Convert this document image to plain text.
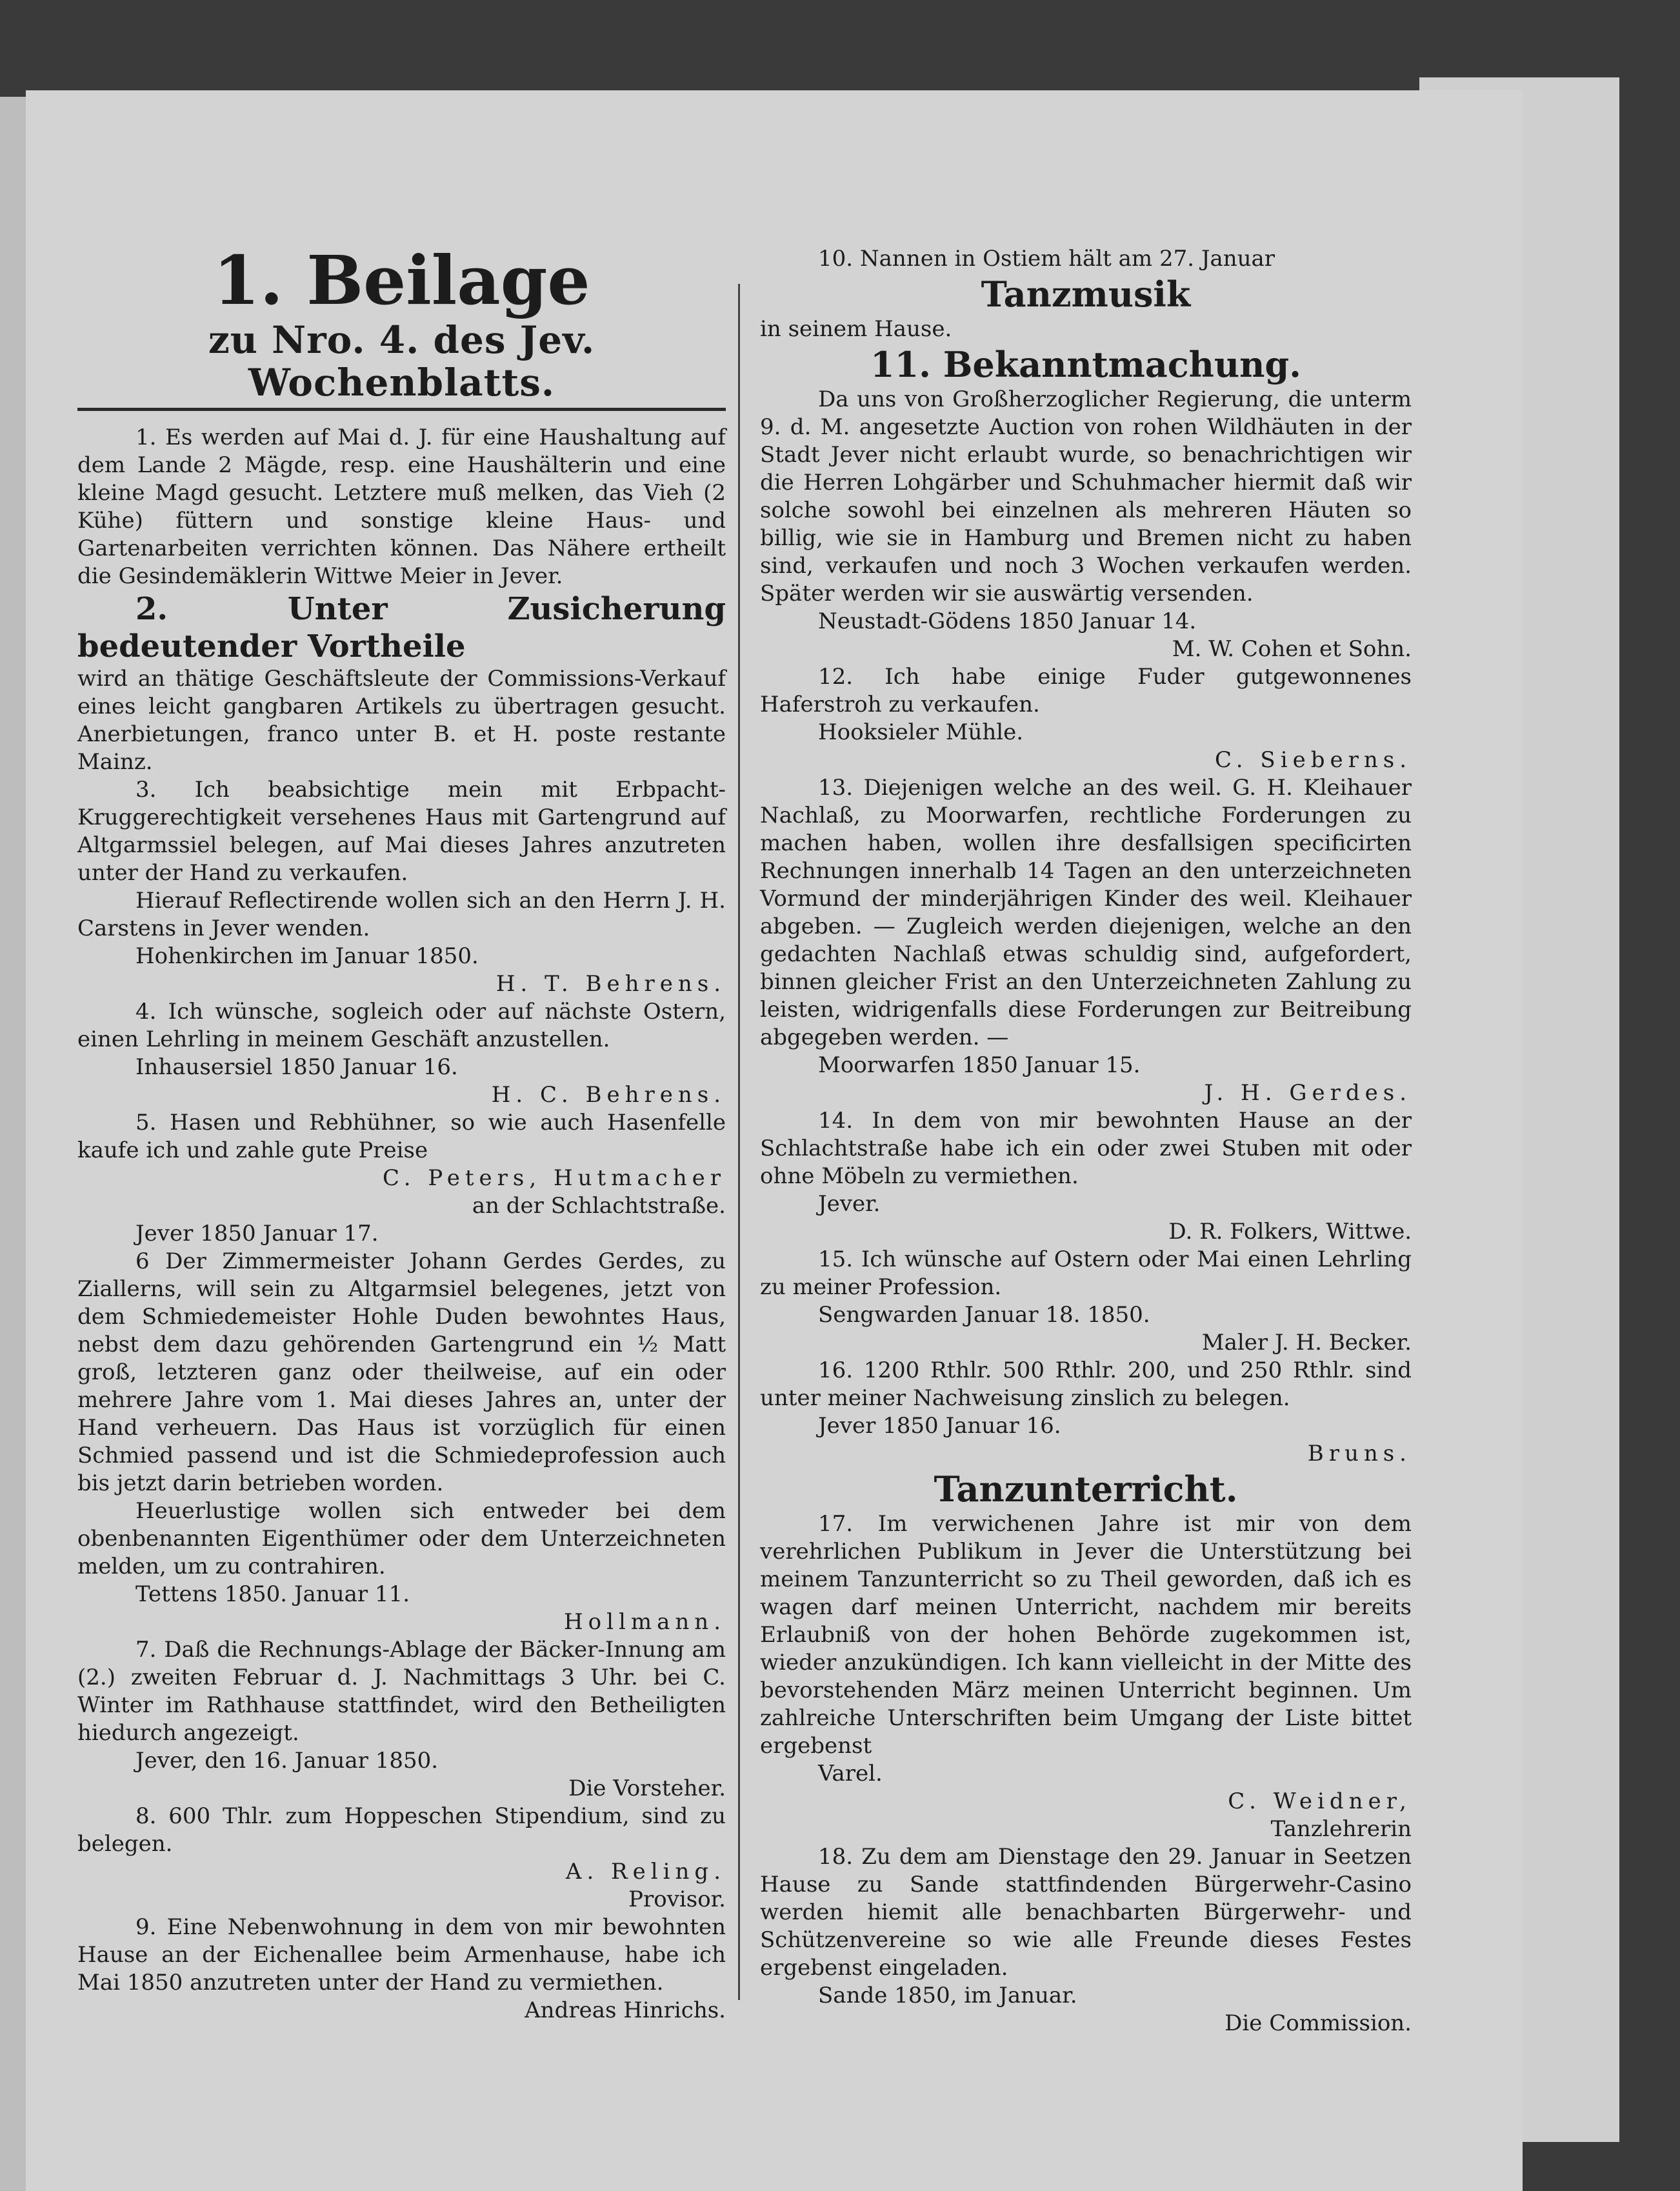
1. Beilage
zu Nro. 4. des Jev. Wochenblatts.

1. Es werden auf Mai d. J. für eine Haushaltung auf dem Lande 2 Mägde, resp. eine Haushälterin und eine kleine Magd gesucht. Letztere muß melken, das Vieh (2 Kühe) füttern und sonstige kleine Haus- und Gartenarbeiten verrichten können. Das Nähere ertheilt die Gesindemäklerin Wittwe Meier in Jever.

2. Unter Zusicherung bedeutender Vortheile

wird an thätige Geschäftsleute der Commissions-Verkauf eines leicht gangbaren Artikels zu übertragen gesucht. Anerbietungen, franco unter B. et H. poste restante Mainz.

3. Ich beabsichtige mein mit Erbpacht-Kruggerechtigkeit versehenes Haus mit Gartengrund auf Altgarmssiel belegen, auf Mai dieses Jahres anzutreten unter der Hand zu verkaufen.

Hierauf Reflectirende wollen sich an den Herrn J. H. Carstens in Jever wenden.

Hohenkirchen im Januar 1850.

H. T. Behrens.

4. Ich wünsche, sogleich oder auf nächste Ostern, einen Lehrling in meinem Geschäft anzustellen.

Inhausersiel 1850 Januar 16.

H. C. Behrens.

5. Hasen und Rebhühner, so wie auch Hasenfelle kaufe ich und zahle gute Preise

C. Peters, Hutmacher

an der Schlachtstraße.

Jever 1850 Januar 17.

6 Der Zimmermeister Johann Gerdes Gerdes, zu Ziallerns, will sein zu Altgarmsiel belegenes, jetzt von dem Schmiedemeister Hohle Duden bewohntes Haus, nebst dem dazu gehörenden Gartengrund ein ½ Matt groß, letzteren ganz oder theilweise, auf ein oder mehrere Jahre vom 1. Mai dieses Jahres an, unter der Hand verheuern. Das Haus ist vorzüglich für einen Schmied passend und ist die Schmiedeprofession auch bis jetzt darin betrieben worden.

Heuerlustige wollen sich entweder bei dem obenbenannten Eigenthümer oder dem Unterzeichneten melden, um zu contrahiren.

Tettens 1850. Januar 11.

Hollmann.

7. Daß die Rechnungs-Ablage der Bäcker-Innung am (2.) zweiten Februar d. J. Nachmittags 3 Uhr. bei C. Winter im Rathhause stattfindet, wird den Betheiligten hiedurch angezeigt.

Jever, den 16. Januar 1850.

Die Vorsteher.

8. 600 Thlr. zum Hoppeschen Stipendium, sind zu belegen.

A. Reling.

Provisor.

9. Eine Nebenwohnung in dem von mir bewohnten Hause an der Eichenallee beim Armenhause, habe ich Mai 1850 anzutreten unter der Hand zu vermiethen.

Andreas Hinrichs.

10. Nannen in Ostiem hält am 27. Januar

Tanzmusik

in seinem Hause.

11. Bekanntmachung.

Da uns von Großherzoglicher Regierung, die unterm 9. d. M. angesetzte Auction von rohen Wildhäuten in der Stadt Jever nicht erlaubt wurde, so benachrichtigen wir die Herren Lohgärber und Schuhmacher hiermit daß wir solche sowohl bei einzelnen als mehreren Häuten so billig, wie sie in Hamburg und Bremen nicht zu haben sind, verkaufen und noch 3 Wochen verkaufen werden. Später werden wir sie auswärtig versenden.

Neustadt-Gödens 1850 Januar 14.

M. W. Cohen et Sohn.

12. Ich habe einige Fuder gutgewonnenes Haferstroh zu verkaufen.

Hooksieler Mühle.

C. Sieberns.

13. Diejenigen welche an des weil. G. H. Kleihauer Nachlaß, zu Moorwarfen, rechtliche Forderungen zu machen haben, wollen ihre desfallsigen specificirten Rechnungen innerhalb 14 Tagen an den unterzeichneten Vormund der minderjährigen Kinder des weil. Kleihauer abgeben. — Zugleich werden diejenigen, welche an den gedachten Nachlaß etwas schuldig sind, aufgefordert, binnen gleicher Frist an den Unterzeichneten Zahlung zu leisten, widrigenfalls diese Forderungen zur Beitreibung abgegeben werden. —

Moorwarfen 1850 Januar 15.

J. H. Gerdes.

14. In dem von mir bewohnten Hause an der Schlachtstraße habe ich ein oder zwei Stuben mit oder ohne Möbeln zu vermiethen.

Jever.

D. R. Folkers, Wittwe.

15. Ich wünsche auf Ostern oder Mai einen Lehrling zu meiner Profession.

Sengwarden Januar 18. 1850.

Maler J. H. Becker.

16. 1200 Rthlr. 500 Rthlr. 200, und 250 Rthlr. sind unter meiner Nachweisung zinslich zu belegen.

Jever 1850 Januar 16.

Bruns.

Tanzunterricht.

17. Im verwichenen Jahre ist mir von dem verehrlichen Publikum in Jever die Unterstützung bei meinem Tanzunterricht so zu Theil geworden, daß ich es wagen darf meinen Unterricht, nachdem mir bereits Erlaubniß von der hohen Behörde zugekommen ist, wieder anzukündigen. Ich kann vielleicht in der Mitte des bevorstehenden März meinen Unterricht beginnen. Um zahlreiche Unterschriften beim Umgang der Liste bittet ergebenst

Varel.

C. Weidner,

Tanzlehrerin

18. Zu dem am Dienstage den 29. Januar in Seetzen Hause zu Sande stattfindenden Bürgerwehr-Casino werden hiemit alle benachbarten Bürgerwehr- und Schützenvereine so wie alle Freunde dieses Festes ergebenst eingeladen.

Sande 1850, im Januar.

Die Commission.
